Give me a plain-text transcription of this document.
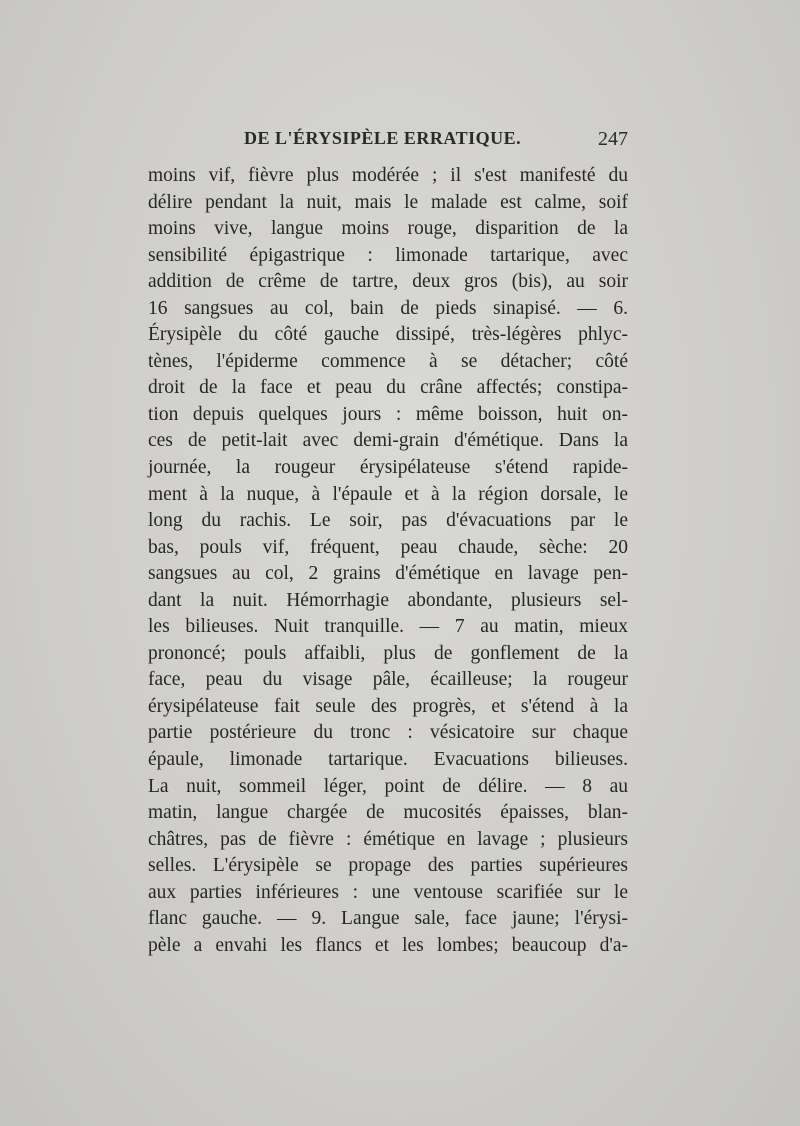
DE L'ÉRYSIPÈLE ERRATIQUE.	247
moins vif, fièvre plus modérée ; il s'est manifesté du
délire pendant la nuit, mais le malade est calme, soif
moins vive, langue moins rouge, disparition de la
sensibilité épigastrique : limonade tartarique, avec
addition de crême de tartre, deux gros (bis), au soir
16 sangsues au col, bain de pieds sinapisé. — 6.
Érysipèle du côté gauche dissipé, très-légères phlyc-
tènes, l'épiderme commence à se détacher; côté
droit de la face et peau du crâne affectés; constipa-
tion depuis quelques jours : même boisson, huit on-
ces de petit-lait avec demi-grain d'émétique. Dans la
journée, la rougeur érysipélateuse s'étend rapide-
ment à la nuque, à l'épaule et à la région dorsale, le
long du rachis. Le soir, pas d'évacuations par le
bas, pouls vif, fréquent, peau chaude, sèche: 20
sangsues au col, 2 grains d'émétique en lavage pen-
dant la nuit. Hémorrhagie abondante, plusieurs sel-
les bilieuses. Nuit tranquille. — 7 au matin, mieux
prononcé; pouls affaibli, plus de gonflement de la
face, peau du visage pâle, écailleuse; la rougeur
érysipélateuse fait seule des progrès, et s'étend à la
partie postérieure du tronc : vésicatoire sur chaque
épaule, limonade tartarique. Evacuations bilieuses.
La nuit, sommeil léger, point de délire. — 8 au
matin, langue chargée de mucosités épaisses, blan-
châtres, pas de fièvre : émétique en lavage ; plusieurs
selles. L'érysipèle se propage des parties supérieures
aux parties inférieures : une ventouse scarifiée sur le
flanc gauche. — 9. Langue sale, face jaune; l'érysi-
pèle a envahi les flancs et les lombes; beaucoup d'a-
